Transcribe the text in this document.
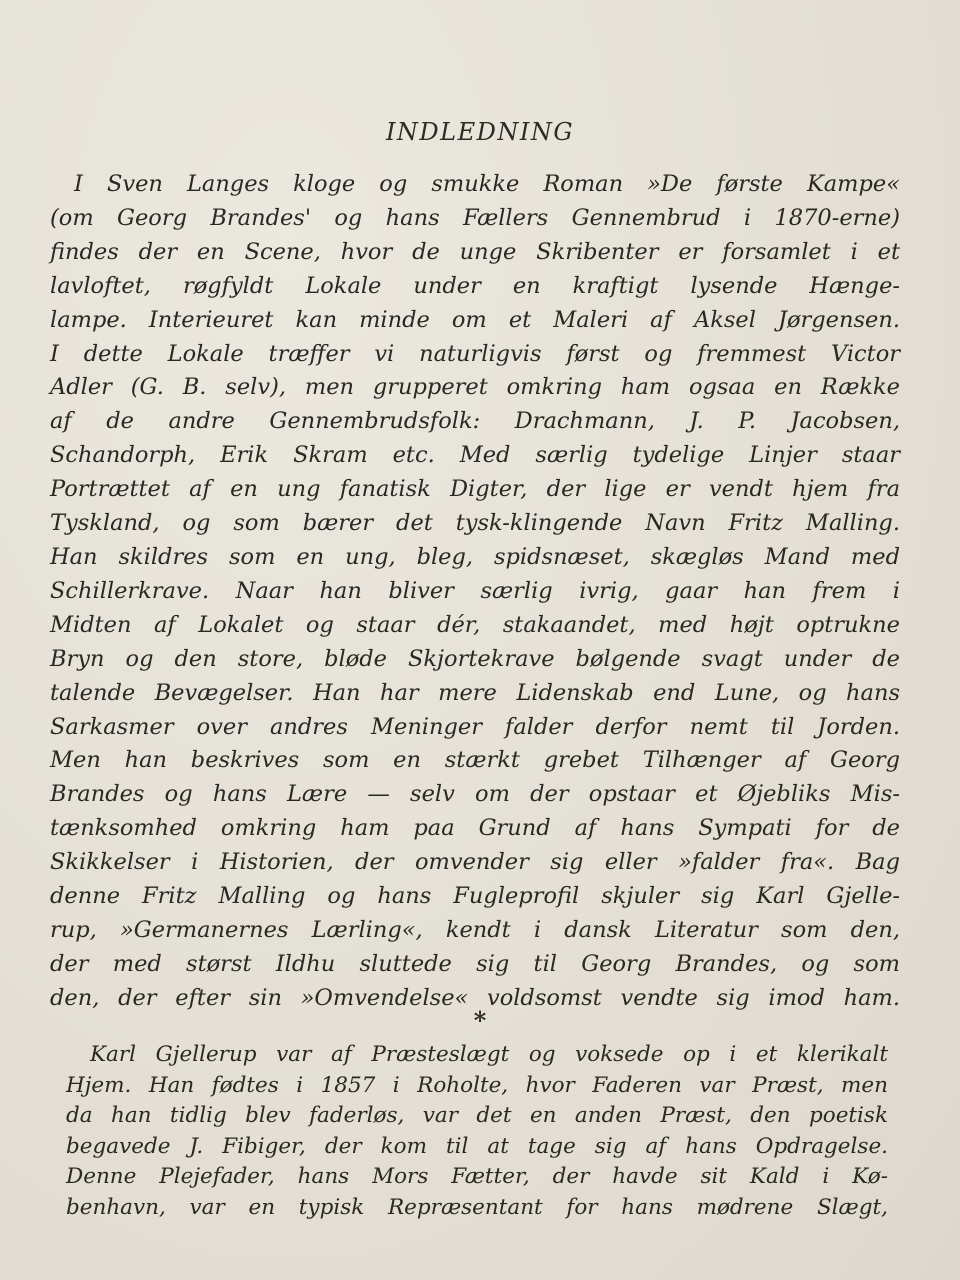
INDLEDNING
I Sven Langes kloge og smukke Roman »De første Kampe«
(om Georg Brandes' og hans Fællers Gennembrud i 1870-erne)
findes der en Scene, hvor de unge Skribenter er forsamlet i et
lavloftet, røgfyldt Lokale under en kraftigt lysende Hænge-
lampe. Interieuret kan minde om et Maleri af Aksel Jørgensen.
I dette Lokale træffer vi naturligvis først og fremmest Victor
Adler (G. B. selv), men grupperet omkring ham ogsaa en Række
af de andre Gennembrudsfolk: Drachmann, J. P. Jacobsen,
Schandorph, Erik Skram etc. Med særlig tydelige Linjer staar
Portrættet af en ung fanatisk Digter, der lige er vendt hjem fra
Tyskland, og som bærer det tysk-klingende Navn Fritz Malling.
Han skildres som en ung, bleg, spidsnæset, skægløs Mand med
Schillerkrave. Naar han bliver særlig ivrig, gaar han frem i
Midten af Lokalet og staar dér, stakaandet, med højt optrukne
Bryn og den store, bløde Skjortekrave bølgende svagt under de
talende Bevægelser. Han har mere Lidenskab end Lune, og hans
Sarkasmer over andres Meninger falder derfor nemt til Jorden.
Men han beskrives som en stærkt grebet Tilhænger af Georg
Brandes og hans Lære — selv om der opstaar et Øjebliks Mis-
tænksomhed omkring ham paa Grund af hans Sympati for de
Skikkelser i Historien, der omvender sig eller »falder fra«. Bag
denne Fritz Malling og hans Fugleprofil skjuler sig Karl Gjelle-
rup, »Germanernes Lærling«, kendt i dansk Literatur som den,
der med størst Ildhu sluttede sig til Georg Brandes, og som
den, der efter sin »Omvendelse« voldsomst vendte sig imod ham.
*
Karl Gjellerup var af Præsteslægt og voksede op i et klerikalt
Hjem. Han fødtes i 1857 i Roholte, hvor Faderen var Præst, men
da han tidlig blev faderløs, var det en anden Præst, den poetisk
begavede J. Fibiger, der kom til at tage sig af hans Opdragelse.
Denne Plejefader, hans Mors Fætter, der havde sit Kald i Kø-
benhavn, var en typisk Repræsentant for hans mødrene Slægt,
